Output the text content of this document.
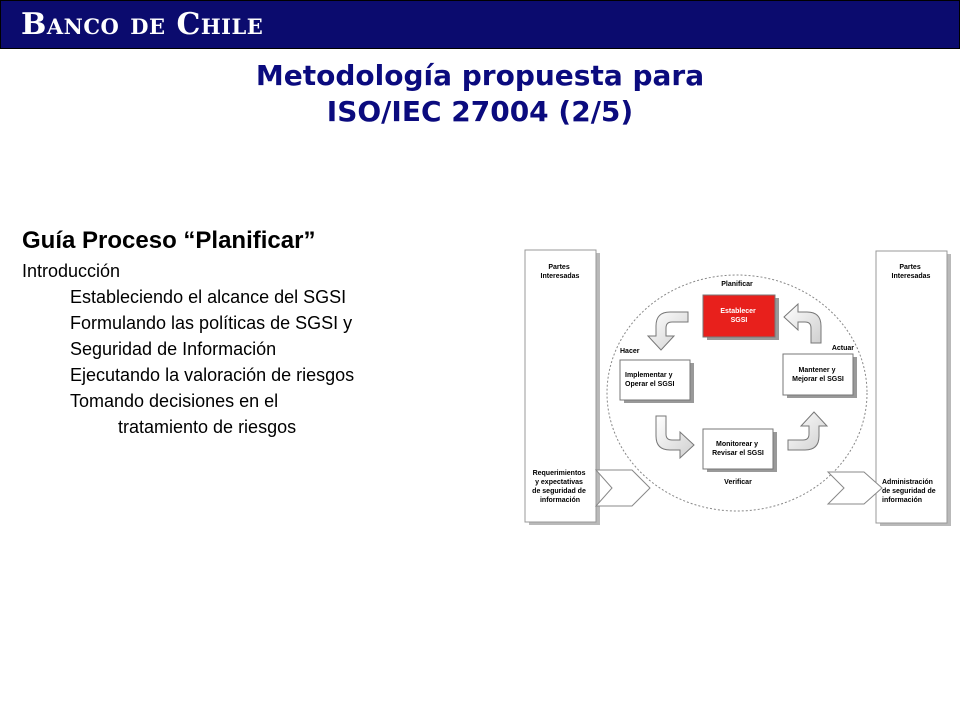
Banco de Chile
Metodología propuesta para
ISO/IEC 27004 (2/5)
Guía Proceso “Planificar”
Introducción
Estableciendo el alcance del SGSI
Formulando las políticas de SGSI y
Seguridad de Información
Ejecutando la valoración de riesgos
Tomando decisiones en el
tratamiento de riesgos
Partes Interesadas
Requerimientos y expectativas de seguridad de información
Partes Interesadas
Administración de seguridad de información
Planificar
Hacer	Actuar
Verificar
Establecer SGSI
Implementar y Operar el SGSI
Mantener y Mejorar el SGSI
Monitorear y Revisar el SGSI
